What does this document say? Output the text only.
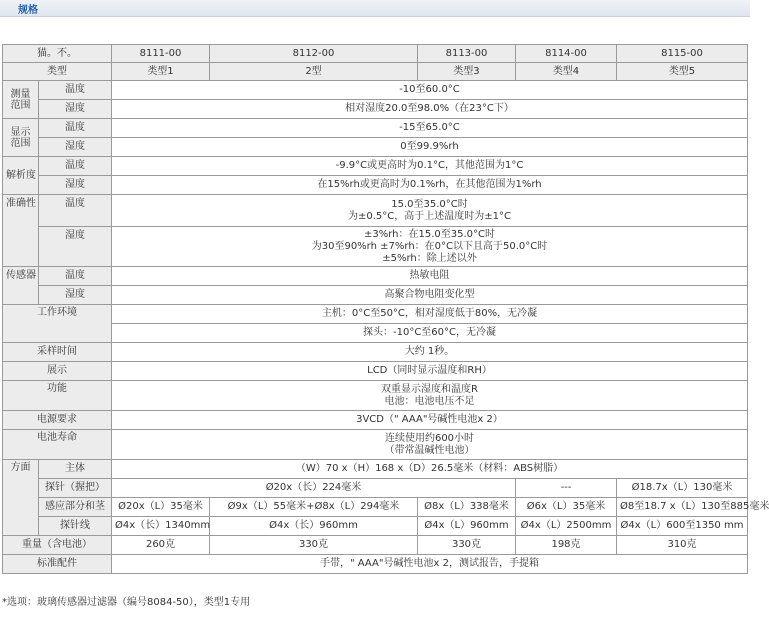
规格
猫。不。		8111-00	8112-00	8113-00	8114-00	8115-00
类型		类型1	2型	类型3	类型4	类型5
测量范围	温度	-10至60.0°C				
	湿度	相对湿度20.0至98.0%（在23°C下）				
显示范围	温度	-15至65.0°C				
	湿度	0至99.9%rh				
解析度	温度	-9.9°C或更高时为0.1°C，其他范围为1°C				
	湿度	在15%rh或更高时为0.1%rh，在其他范围为1%rh				
准确性	温度	15.0至35.0°C时
为±0.5°C，高于上述温度时为±1°C				

	湿度	±3%rh：在15.0至35.0°C时
为30至90%rh ±7%rh：在0°C以下且高于50.0°C时
±5%rh：除上述以外				

传感器	温度	热敏电阻				
	湿度	高聚合物电阻变化型				
工作环境		主机：0°C至50°C，相对湿度低于80%，无冷凝				
		探头：-10°C至60°C，无冷凝				
采样时间		大约 1秒。				
展示		LCD（同时显示温度和RH）				
功能		双重显示湿度和温度R
电池：电池电压不足				

电源要求		3VCD（" AAA"号碱性电池x 2）				
电池寿命		连续使用约600小时
（带常温碱性电池）				

方面	主体	（W）70 x（H）168 x（D）26.5毫米（材料：ABS树脂）				
	探针（握把）	Ø20x（长）224毫米			---	Ø18.7x（L）130毫米
	感应部分和茎	Ø20x（L）35毫米	Ø9x（L）55毫米+Ø8x（L）294毫米	Ø8x（L）338毫米	Ø6x（L）35毫米	Ø8至18.7 x（L）130至885毫米
	探针线	Ø4x（长）1340mm	Ø4x（长）960mm	Ø4x（L）960mm	Ø4x（L）2500mm	Ø4x（L）600至1350 mm
重量（含电池）		260克	330克	330克	198克	310克
标准配件		手带，" AAA"号碱性电池x 2，测试报告，手提箱				
*选项：玻璃传感器过滤器（编号8084-50），类型1专用
